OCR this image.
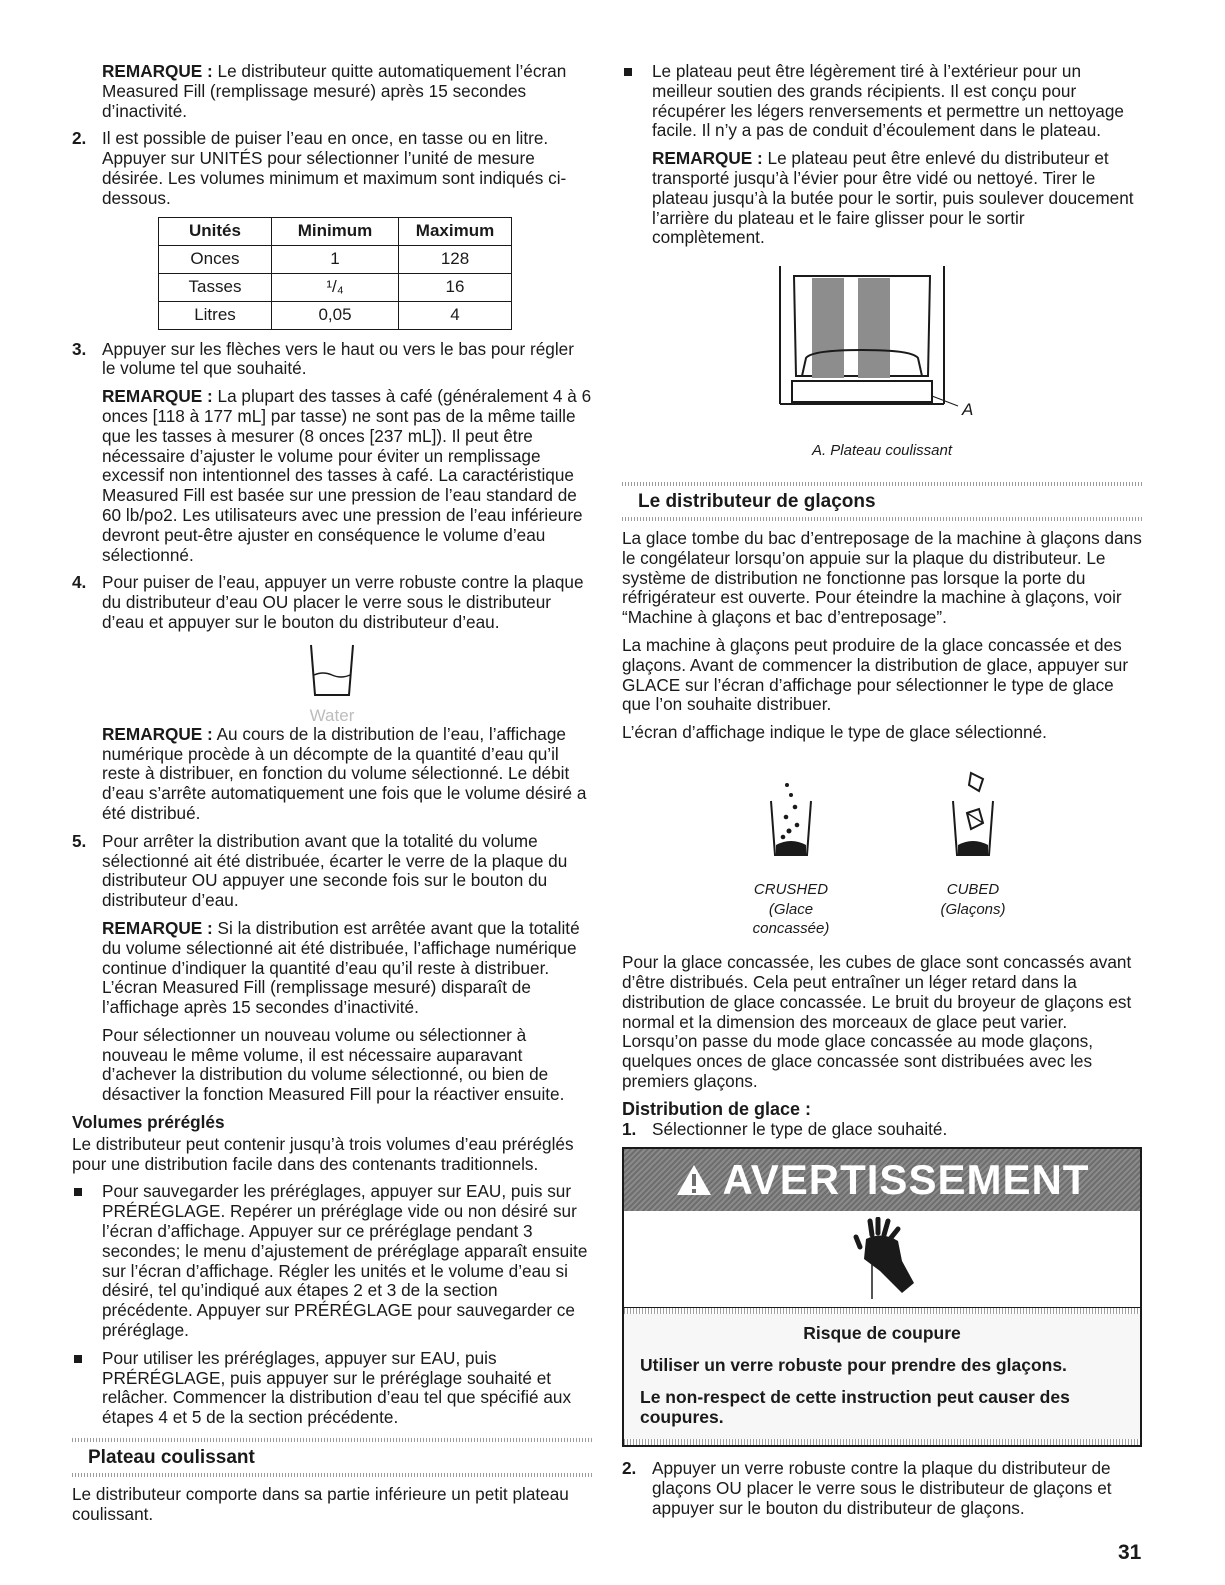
REMARQUE : Le distributeur quitte automatiquement l’écran Measured Fill (remplissage mesuré) après 15 secondes d’inactivité.

2. Il est possible de puiser l’eau en once, en tasse ou en litre. Appuyer sur UNITÉS pour sélectionner l’unité de mesure désirée. Les volumes minimum et maximum sont indiqués ci-dessous.
Unités	Minimum	Maximum
Onces	1	128
Tasses	¹/₄	16
Litres	0,05	4
3. Appuyer sur les flèches vers le haut ou vers le bas pour régler le volume tel que souhaité.

REMARQUE : La plupart des tasses à café (généralement 4 à 6 onces [118 à 177 mL] par tasse) ne sont pas de la même taille que les tasses à mesurer (8 onces [237 mL]). Il peut être nécessaire d’ajuster le volume pour éviter un remplissage excessif non intentionnel des tasses à café. La caractéristique Measured Fill est basée sur une pression de l’eau standard de 60 lb/po2. Les utilisateurs avec une pression de l’eau inférieure devront peut-être ajuster en conséquence le volume d’eau sélectionné.

4. Pour puiser de l’eau, appuyer un verre robuste contre la plaque du distributeur d’eau OU placer le verre sous le distributeur d’eau et appuyer sur le bouton du distributeur d’eau.
Water

REMARQUE : Au cours de la distribution de l’eau, l’affichage numérique procède à un décompte de la quantité d’eau qu’il reste à distribuer, en fonction du volume sélectionné. Le débit d’eau s’arrête automatiquement une fois que le volume désiré a été distribué.

5. Pour arrêter la distribution avant que la totalité du volume sélectionné ait été distribuée, écarter le verre de la plaque du distributeur OU appuyer une seconde fois sur le bouton du distributeur d’eau.

REMARQUE : Si la distribution est arrêtée avant que la totalité du volume sélectionné ait été distribuée, l’affichage numérique continue d’indiquer la quantité d’eau qu’il reste à distribuer. L’écran Measured Fill (remplissage mesuré) disparaît de l’affichage après 15 secondes d’inactivité.

Pour sélectionner un nouveau volume ou sélectionner à nouveau le même volume, il est nécessaire auparavant d’achever la distribution du volume sélectionné, ou bien de désactiver la fonction Measured Fill pour la réactiver ensuite.

Volumes préréglés

Le distributeur peut contenir jusqu’à trois volumes d’eau préréglés pour une distribution facile dans des contenants traditionnels.

Pour sauvegarder les préréglages, appuyer sur EAU, puis sur PRÉRÉGLAGE. Repérer un préréglage vide ou non désiré sur l’écran d’affichage. Appuyer sur ce préréglage pendant 3 secondes; le menu d’ajustement de préréglage apparaît ensuite sur l’écran d’affichage. Régler les unités et le volume d’eau si désiré, tel qu’indiqué aux étapes 2 et 3 de la section précédente. Appuyer sur PRÉRÉGLAGE pour sauvegarder ce préréglage.
Pour utiliser les préréglages, appuyer sur EAU, puis PRÉRÉGLAGE, puis appuyer sur le préréglage souhaité et relâcher. Commencer la distribution d’eau tel que spécifié aux étapes 4 et 5 de la section précédente.
Plateau coulissant

Le distributeur comporte dans sa partie inférieure un petit plateau coulissant.

Le plateau peut être légèrement tiré à l’extérieur pour un meilleur soutien des grands récipients. Il est conçu pour récupérer les légers renversements et permettre un nettoyage facile. Il n’y a pas de conduit d’écoulement dans le plateau.

REMARQUE : Le plateau peut être enlevé du distributeur et transporté jusqu’à l’évier pour être vidé ou nettoyé. Tirer le plateau jusqu’à la butée pour le sortir, puis soulever doucement l’arrière du plateau et le faire glisser pour le sortir complètement.

A
A. Plateau coulissant
Le distributeur de glaçons

La glace tombe du bac d’entreposage de la machine à glaçons dans le congélateur lorsqu’on appuie sur la plaque du distributeur. Le système de distribution ne fonctionne pas lorsque la porte du réfrigérateur est ouverte. Pour éteindre la machine à glaçons, voir “Machine à glaçons et bac d’entreposage”.

La machine à glaçons peut produire de la glace concassée et des glaçons. Avant de commencer la distribution de glace, appuyer sur GLACE sur l’écran d’affichage pour sélectionner le type de glace que l’on souhaite distribuer.

L’écran d’affichage indique le type de glace sélectionné.

CRUSHED
(Glace concassée)
CUBED
(Glaçons)

Pour la glace concassée, les cubes de glace sont concassés avant d’être distribués. Cela peut entraîner un léger retard dans la distribution de glace concassée. Le bruit du broyeur de glaçons est normal et la dimension des morceaux de glace peut varier. Lorsqu’on passe du mode glace concassée au mode glaçons, quelques onces de glace concassée sont distribuées avec les premiers glaçons.

Distribution de glace :
1. Sélectionner le type de glace souhaité.
AVERTISSEMENT
Risque de coupure
Utiliser un verre robuste pour prendre des glaçons.
Le non-respect de cette instruction peut causer des coupures.
2. Appuyer un verre robuste contre la plaque du distributeur de glaçons OU placer le verre sous le distributeur de glaçons et appuyer sur le bouton du distributeur de glaçons.
31
